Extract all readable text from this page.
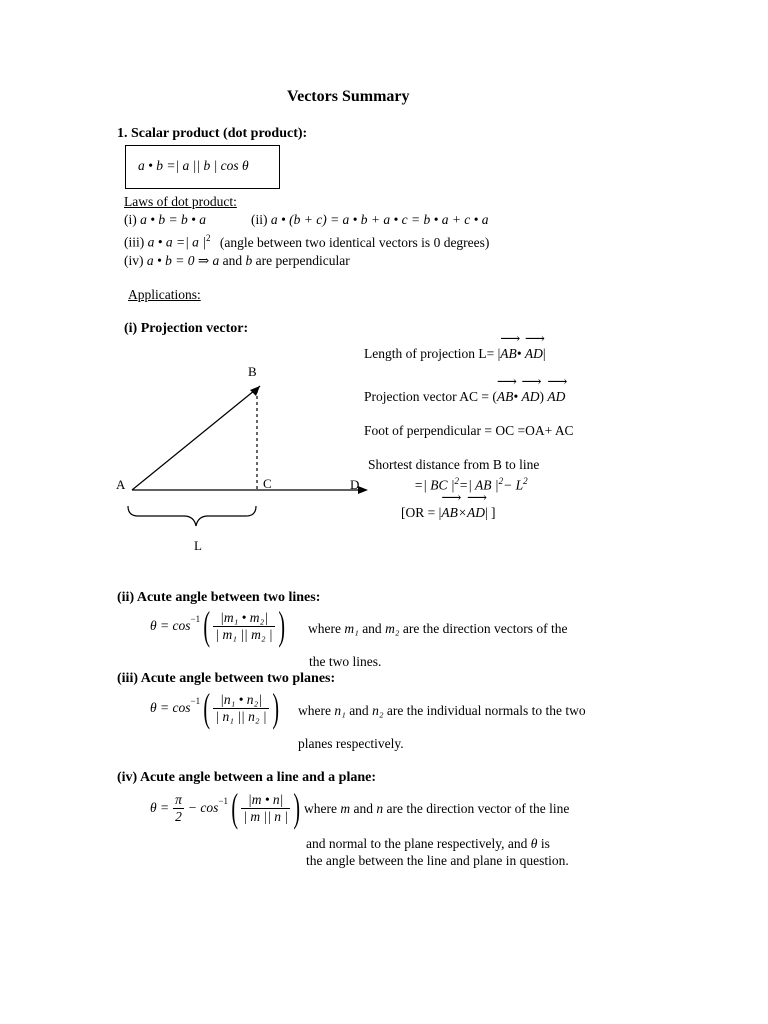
Vectors Summary
1. Scalar product (dot product):
a • b =| a || b | cos θ
Laws of dot product:
(i) a • b = b • a	(ii) a • (b + c) = a • b + a • c = b • a + c • a
(iii) a • a =| a $|^2$ (angle between two identical vectors is 0 degrees)
(iv) a • b = 0 ⇒ a and b are perpendicular
Applications:
(i) Projection vector:
Length of projection L= |⟶ AB• ⟶ AD|
Projection vector AC = (⟶ AB• ⟶ AD) ⟶ AD
Foot of perpendicular = OC =OA+ AC
Shortest distance from B to line
=| BC $|^2=|$ AB $|^2- L^2$
[OR = |⟶ AB×⟶ AD| ]
A
B
C	D
L
(ii) Acute angle between two lines:
$\theta = \cos^{-1}$ ( $\frac{\text{|m₁ • m₂|}}{\text{| m₁ || m₂ |}}$ ) where m₁ and m₂ are the direction vectors of the
the two lines.
(iii) Acute angle between two planes:
$\theta = \cos^{-1}$ ( $\frac{\text{|n₁ • n₂|}}{\text{| n₁ || n₂ |}}$ ) where n₁ and n₂ are the individual normals to the two
planes respectively.
(iv) Acute angle between a line and a plane:
$\theta = \frac{\pi}{2} - \cos^{-1}$ ( $\frac{|m • n|}{| m || n |}$ ) where m and n are the direction vector of the line
and normal to the plane respectively, and θ is
the angle between the line and plane in question.
